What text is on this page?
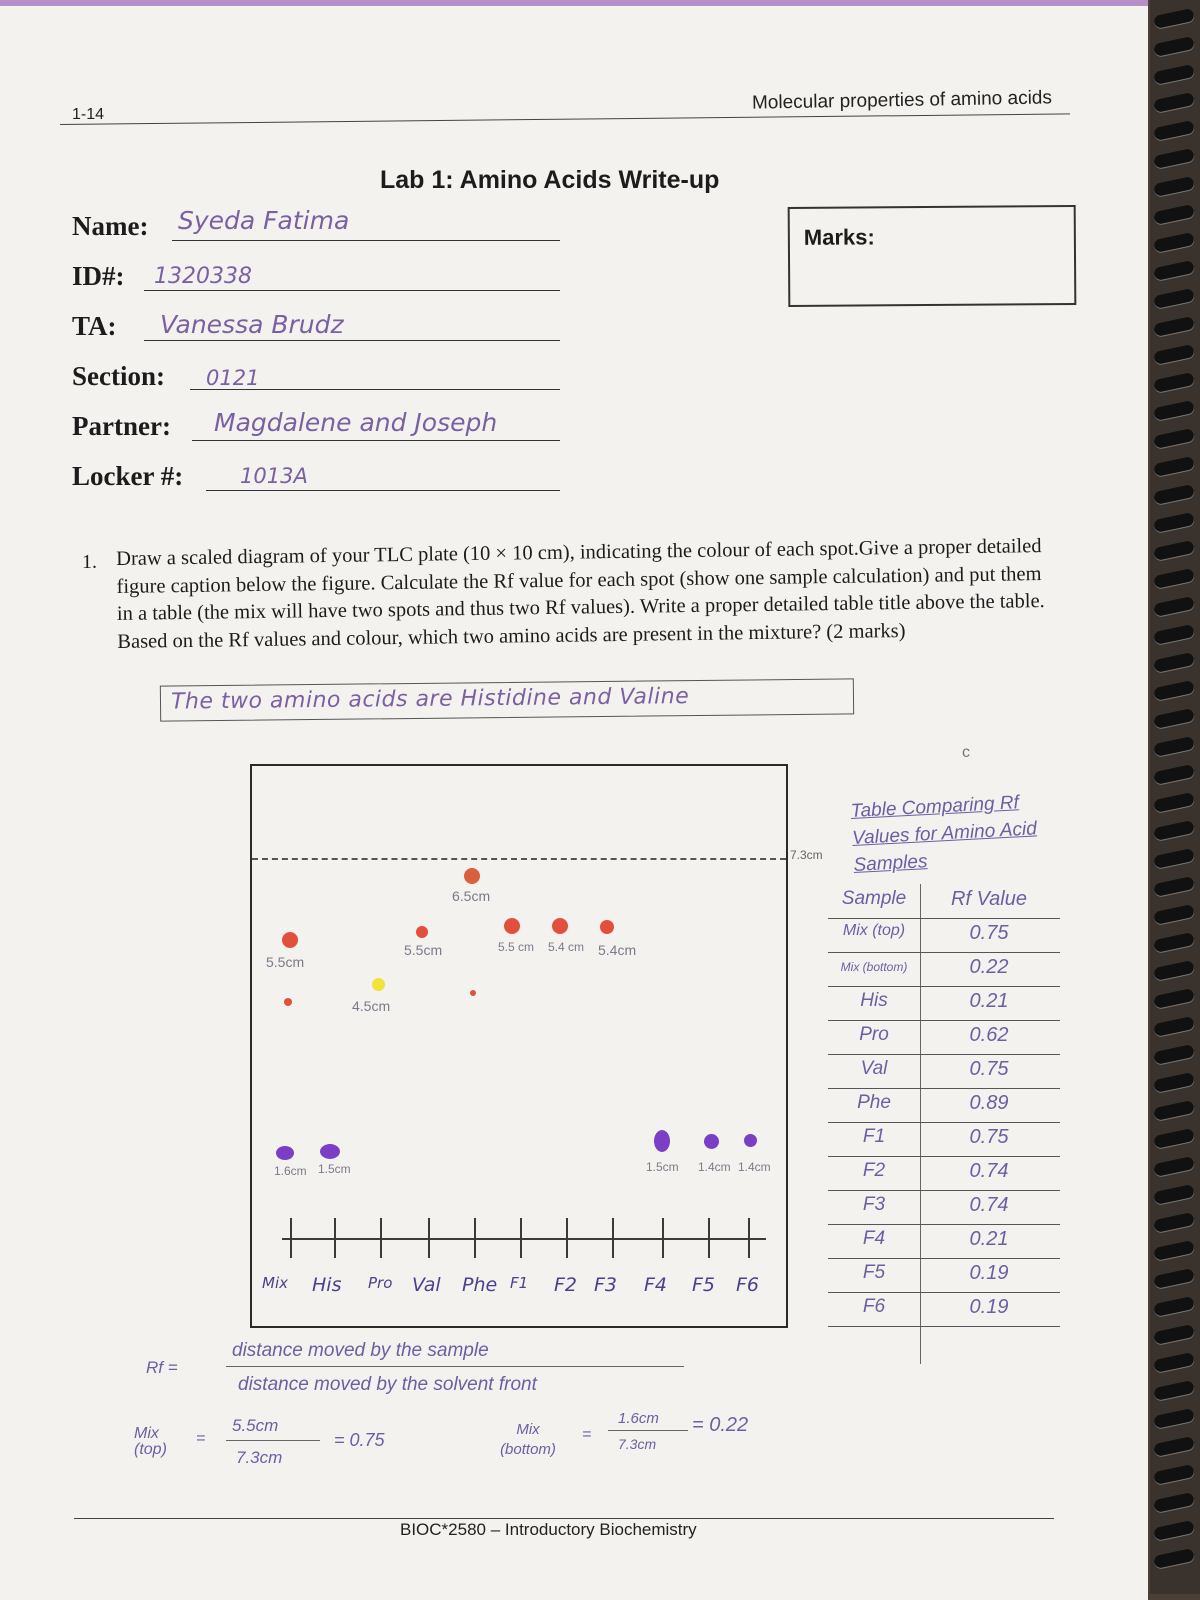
1-14
Molecular properties of amino acids
Lab 1: Amino Acids Write-up
Name: Syeda Fatima
ID#: 1320338
TA: Vanessa Brudz
Section: 0121
Partner: Magdalene and Joseph
Locker #:	1013A
Marks:
1. Draw a scaled diagram of your TLC plate (10 × 10 cm), indicating the colour of each spot.Give a proper detailed figure caption below the figure. Calculate the Rf value for each spot (show one sample calculation) and put them in a table (the mix will have two spots and thus two Rf values). Write a proper detailed table title above the table. Based on the Rf values and colour, which two amino acids are present in the mixture? (2 marks)
The two amino acids are Histidine and Valine
c
7.3cm
5.5cm
4.5cm
5.5cm
6.5cm
5.5 cm 5.4 cm 5.4cm
1.6cm 1.5cm	1.5cm 1.4cm 1.4cm
Mix His Pro Val Phe F1 F2 F3 F4 F5 F6
Table Comparing Rf Values for Amino Acid Samples
Sample	Rf Value
Mix (top)	0.75
Mix (bottom)	0.22
His	0.21
Pro	0.62
Val	0.75
Phe	0.89
F1	0.75
F2	0.74
F3	0.74
F4	0.21
F5	0.19
F6	0.19
Rf =
distance moved by the sample
distance moved by the solvent front
Mix (top)
=
5.5cm
7.3cm
= 0.75
Mix (bottom)
=
1.6cm
7.3cm
= 0.22
BIOC*2580 – Introductory Biochemistry
